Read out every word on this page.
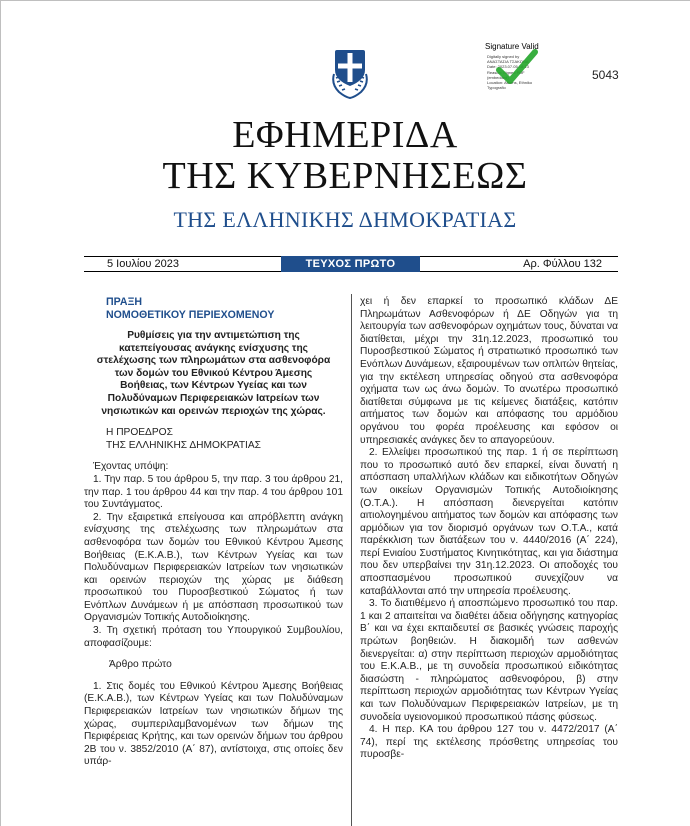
Signature Valid
Digitally signed by
ΑΝΑΣΤΑΣΙΑ ΤΣΑΚΩΝΑ
Date: 2023.07.05 18:13
Reason: Signed PDF
(embedded)
Location: Athens, Ethniko
Typografio
5043
ΕΦΗΜΕΡΙΔΑ
ΤΗΣ ΚΥΒΕΡΝΗΣΕΩΣ
ΤΗΣ ΕΛΛΗΝΙΚΗΣ ΔΗΜΟΚΡΑΤΙΑΣ
5 Ιουλίου 2023	ΤΕΥΧΟΣ ΠΡΩΤΟ	Αρ. Φύλλου 132

ΠΡΑΞΗ

ΝΟΜΟΘΕΤΙΚΟΥ ΠΕΡΙΕΧΟΜΕΝΟΥ

Ρυθμίσεις για την αντιμετώπιση της κατεπείγουσας ανάγκης ενίσχυσης της στελέχωσης των πληρωμάτων στα ασθενοφόρα των δομών του Εθνικού Κέντρου Άμεσης Βοήθειας, των Κέντρων Υγείας και των Πολυδύναμων Περιφερειακών Ιατρείων των νησιωτικών και ορεινών περιοχών της χώρας.

Η ΠΡΟΕΔΡΟΣ

ΤΗΣ ΕΛΛΗΝΙΚΗΣ ΔΗΜΟΚΡΑΤΙΑΣ

Έχοντας υπόψη:

1. Την παρ. 5 του άρθρου 5, την παρ. 3 του άρθρου 21, την παρ. 1 του άρθρου 44 και την παρ. 4 του άρθρου 101 του Συντάγματος.

2. Την εξαιρετικά επείγουσα και απρόβλεπτη ανάγκη ενίσχυσης της στελέχωσης των πληρωμάτων στα ασθενοφόρα των δομών του Εθνικού Κέντρου Άμεσης Βοήθειας (Ε.Κ.Α.Β.), των Κέντρων Υγείας και των Πολυδύναμων Περιφερειακών Ιατρείων των νησιωτικών και ορεινών περιοχών της χώρας με διάθεση προσωπικού του Πυροσβεστικού Σώματος ή των Ενόπλων Δυνάμεων ή με απόσπαση προσωπικού των Οργανισμών Τοπικής Αυτοδιοίκησης.

3. Τη σχετική πρόταση του Υπουργικού Συμβουλίου, αποφασίζουμε:

Άρθρο πρώτο

1. Στις δομές του Εθνικού Κέντρου Άμεσης Βοήθειας (Ε.Κ.Α.Β.), των Κέντρων Υγείας και των Πολυδύναμων Περιφερειακών Ιατρείων των νησιωτικών δήμων της χώρας, συμπεριλαμβανομένων των δήμων της Περιφέρειας Κρήτης, και των ορεινών δήμων του άρθρου 2Β του ν. 3852/2010 (Α΄ 87), αντίστοιχα, στις οποίες δεν υπάρ-

χει ή δεν επαρκεί το προσωπικό κλάδων ΔΕ Πληρωμάτων Ασθενοφόρων ή ΔΕ Οδηγών για τη λειτουργία των ασθενοφόρων οχημάτων τους, δύναται να διατίθεται, μέχρι την 31η.12.2023, προσωπικό του Πυροσβεστικού Σώματος ή στρατιωτικό προσωπικό των Ενόπλων Δυνάμεων, εξαιρουμένων των οπλιτών θητείας, για την εκτέλεση υπηρεσίας οδηγού στα ασθενοφόρα οχήματα των ως άνω δομών. Το ανωτέρω προσωπικό διατίθεται σύμφωνα με τις κείμενες διατάξεις, κατόπιν αιτήματος των δομών και απόφασης του αρμόδιου οργάνου του φορέα προέλευσης και εφόσον οι υπηρεσιακές ανάγκες δεν το απαγορεύουν.

2. Ελλείψει προσωπικού της παρ. 1 ή σε περίπτωση που το προσωπικό αυτό δεν επαρκεί, είναι δυνατή η απόσπαση υπαλλήλων κλάδων και ειδικοτήτων Οδηγών των οικείων Οργανισμών Τοπικής Αυτοδιοίκησης (Ο.Τ.Α.). Η απόσπαση διενεργείται κατόπιν αιτιολογημένου αιτήματος των δομών και απόφασης των αρμόδιων για τον διορισμό οργάνων των Ο.Τ.Α., κατά παρέκκλιση των διατάξεων του ν. 4440/2016 (Α΄ 224), περί Ενιαίου Συστήματος Κινητικότητας, και για διάστημα που δεν υπερβαίνει την 31η.12.2023. Οι αποδοχές του αποσπασμένου προσωπικού συνεχίζουν να καταβάλλονται από την υπηρεσία προέλευσης.

3. Το διατιθέμενο ή αποσπώμενο προσωπικό του παρ. 1 και 2 απαιτείται να διαθέτει άδεια οδήγησης κατηγορίας Β΄ και να έχει εκπαιδευτεί σε βασικές γνώσεις παροχής πρώτων βοηθειών. Η διακομιδή των ασθενών διενεργείται: α) στην περίπτωση περιοχών αρμοδιότητας του Ε.Κ.Α.Β., με τη συνοδεία προσωπικού ειδικότητας διασώστη - πληρώματος ασθενοφόρου, β) στην περίπτωση περιοχών αρμοδιότητας των Κέντρων Υγείας και των Πολυδύναμων Περιφερειακών Ιατρείων, με τη συνοδεία υγειονομικού προσωπικού πάσης φύσεως.

4. Η περ. ΚΑ του άρθρου 127 του ν. 4472/2017 (Α΄ 74), περί της εκτέλεσης πρόσθετης υπηρεσίας του πυροσβε-
